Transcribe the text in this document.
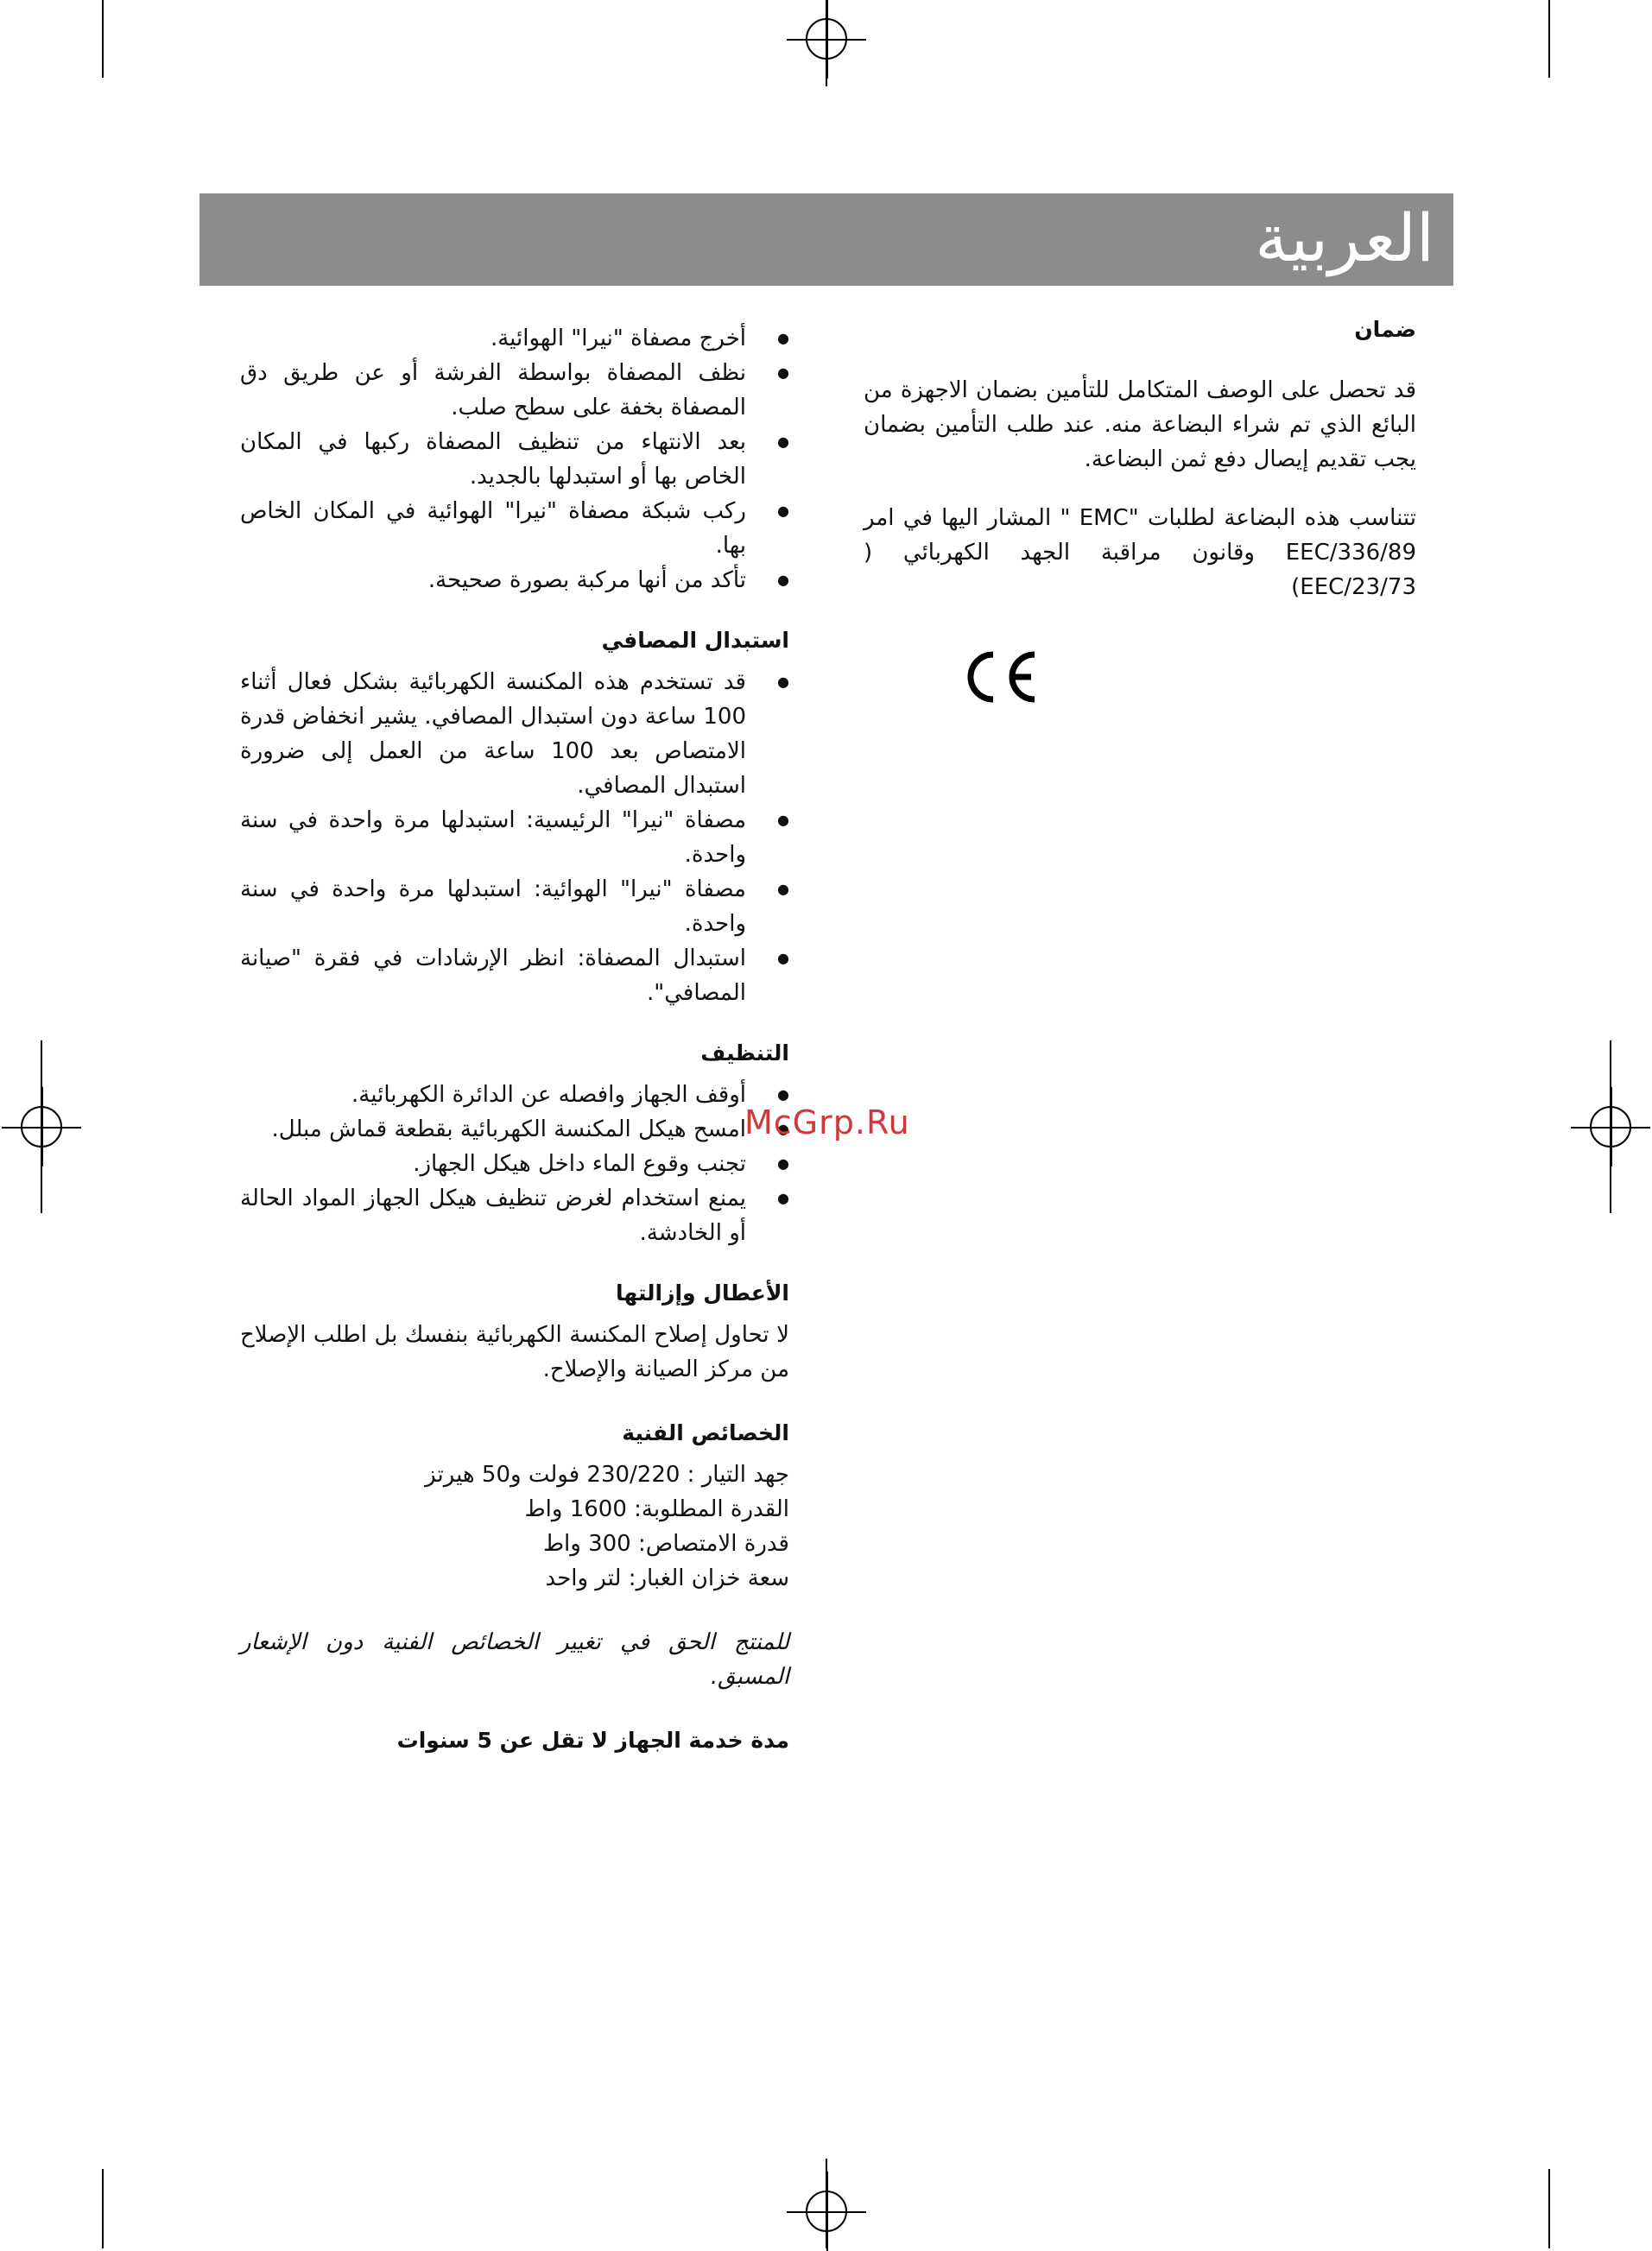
العربية
ضمان
قد تحصل على الوصف المتكامل للتأمين بضمان الاجهزة من البائع الذي تم شراء البضاعة منه. عند طلب التأمين بضمان يجب تقديم إيصال دفع ثمن البضاعة.
تتناسب هذه البضاعة لطلبات "EMC " المشار اليها في امر EEC/336/89 وقانون مراقبة الجهد الكهربائي ( EEC/23/73)
CE
● أخرج مصفاة "نيرا" الهوائية.
● نظف المصفاة بواسطة الفرشة أو عن طريق دق المصفاة بخفة على سطح صلب.
● بعد الانتهاء من تنظيف المصفاة ركبها في المكان الخاص بها أو استبدلها بالجديد.
● ركب شبكة مصفاة "نيرا" الهوائية في المكان الخاص بها.
● تأكد من أنها مركبة بصورة صحيحة.
استبدال المصافي
● قد تستخدم هذه المكنسة الكهربائية بشكل فعال أثناء 100 ساعة دون استبدال المصافي. يشير انخفاض قدرة الامتصاص بعد 100 ساعة من العمل إلى ضرورة استبدال المصافي.
● مصفاة "نيرا" الرئيسية: استبدلها مرة واحدة في سنة واحدة.
● مصفاة "نيرا" الهوائية: استبدلها مرة واحدة في سنة واحدة.
● استبدال المصفاة: انظر الإرشادات في فقرة "صيانة المصافي".
التنظيف
● أوقف الجهاز وافصله عن الدائرة الكهربائية.
● امسح هيكل المكنسة الكهربائية بقطعة قماش مبلل.
● تجنب وقوع الماء داخل هيكل الجهاز.
● يمنع استخدام لغرض تنظيف هيكل الجهاز المواد الحالة أو الخادشة.
الأعطال وإزالتها
لا تحاول إصلاح المكنسة الكهربائية بنفسك بل اطلب الإصلاح من مركز الصيانة والإصلاح.
الخصائص الفنية
جهد التيار : 230/220 فولت و50 هيرتز
القدرة المطلوبة: 1600 واط
قدرة الامتصاص: 300 واط
سعة خزان الغبار: لتر واحد
للمنتج الحق في تغيير الخصائص الفنية دون الإشعار المسبق.
مدة خدمة الجهاز لا تقل عن 5 سنوات
McGrp.Ru
